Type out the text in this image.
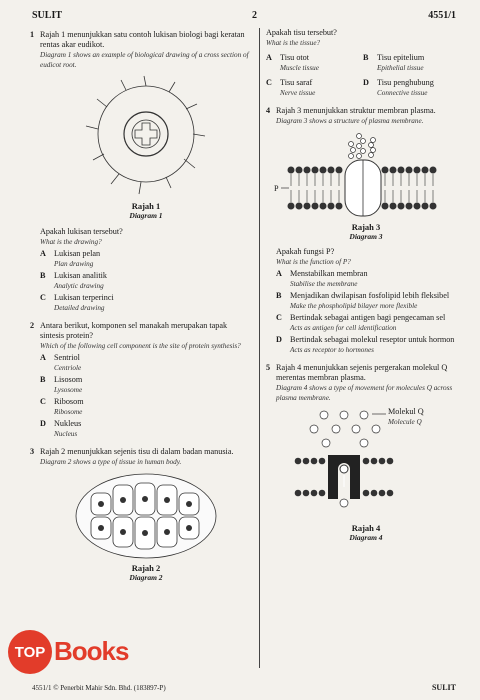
SULIT	2	4551/1
1 Rajah 1 menunjukkan satu contoh lukisan biologi bagi keratan rentas akar eudikot.
Diagram 1 shows an example of biological drawing of a cross section of eudicot root.
Rajah 1
Diagram 1
Apakah lukisan tersebut?
What is the drawing?
A Lukisan pelan
Plan drawing
B Lukisan analitik
Analytic drawing
C Lukisan terperinci
Detailed drawing
2 Antara berikut, komponen sel manakah merupakan tapak sintesis protein?
Which of the following cell component is the site of protein synthesis?
A Sentriol
Centriole
B Lisosom
Lysosome
C Ribosom
Ribosome
D Nukleus
Nucleus
3 Rajah 2 menunjukkan sejenis tisu di dalam badan manusia.
Diagram 2 shows a type of tissue in human body.
Rajah 2
Diagram 2
Apakah tisu tersebut?
What is the tissue?
A Tisu otot
Muscle tissue
B Tisu epitelium
Epithelial tissue
C Tisu saraf
Nerve tissue
D Tisu penghubung
Connective tissue
4 Rajah 3 menunjukkan struktur membran plasma.
Diagram 3 shows a structure of plasma membrane.
P
Rajah 3
Diagram 3
Apakah fungsi P?
What is the function of P?
A Menstabilkan membran
Stabilise the membrane
B Menjadikan dwilapisan fosfolipid lebih fleksibel
Make the phospholipid bilayer more flexible
C Bertindak sebagai antigen bagi pengecaman sel
Acts as antigen for cell identification
D Bertindak sebagai molekul reseptor untuk hormon
Acts as receptor to hormones
5 Rajah 4 menunjukkan sejenis pergerakan molekul Q merentas membran plasma.
Diagram 4 shows a type of movement for molecules Q across plasma membrane.
Molekul Q
Molecule Q
Rajah 4
Diagram 4
TOP Books
4551/1 © Penerbit Mahir Sdn. Bhd. (183897-P)	SULIT
